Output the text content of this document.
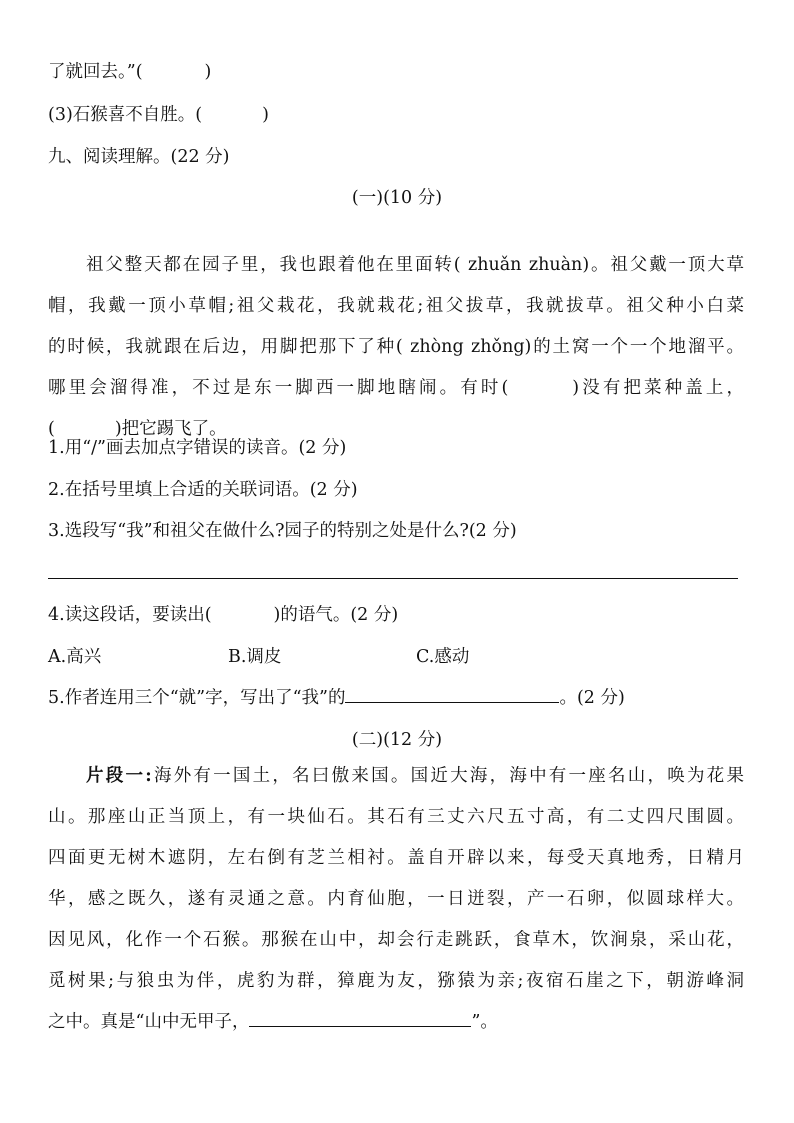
了就回去。”(	)
(3)石猴喜不自胜。(	)
九、阅读理解。(22 分)
(一)(10 分)
祖父整天都在园子里，我也跟着他在里面转( zhuǎn zhuàn)。祖父戴一顶大草
帽，我戴一顶小草帽;祖父栽花，我就栽花;祖父拔草，我就拔草。祖父种小白菜
的时候，我就跟在后边，用脚把那下了种( zhòng zhǒng)的土窝一个一个地溜平。
哪里会溜得准，不过是东一脚西一脚地瞎闹。有时(	)没有把菜种盖上，
(	)把它踢飞了。
1.用“/”画去加点字错误的读音。(2 分)
2.在括号里填上合适的关联词语。(2 分)
3.选段写“我”和祖父在做什么?园子的特别之处是什么?(2 分)
4.读这段话，要读出(	)的语气。(2 分)
A.高兴	B.调皮	C.感动
5.作者连用三个“就”字，写出了“我”的	。(2 分)
(二)(12 分)
片段一:海外有一国土，名曰傲来国。国近大海，海中有一座名山，唤为花果
山。那座山正当顶上，有一块仙石。其石有三丈六尺五寸高，有二丈四尺围圆。
四面更无树木遮阴，左右倒有芝兰相衬。盖自开辟以来，每受天真地秀，日精月
华，感之既久，遂有灵通之意。内育仙胞，一日迸裂，产一石卵，似圆球样大。
因见风，化作一个石猴。那猴在山中，却会行走跳跃，食草木，饮涧泉，采山花，
觅树果;与狼虫为伴，虎豹为群，獐鹿为友，猕猿为亲;夜宿石崖之下，朝游峰洞
之中。真是“山中无甲子，	”。
